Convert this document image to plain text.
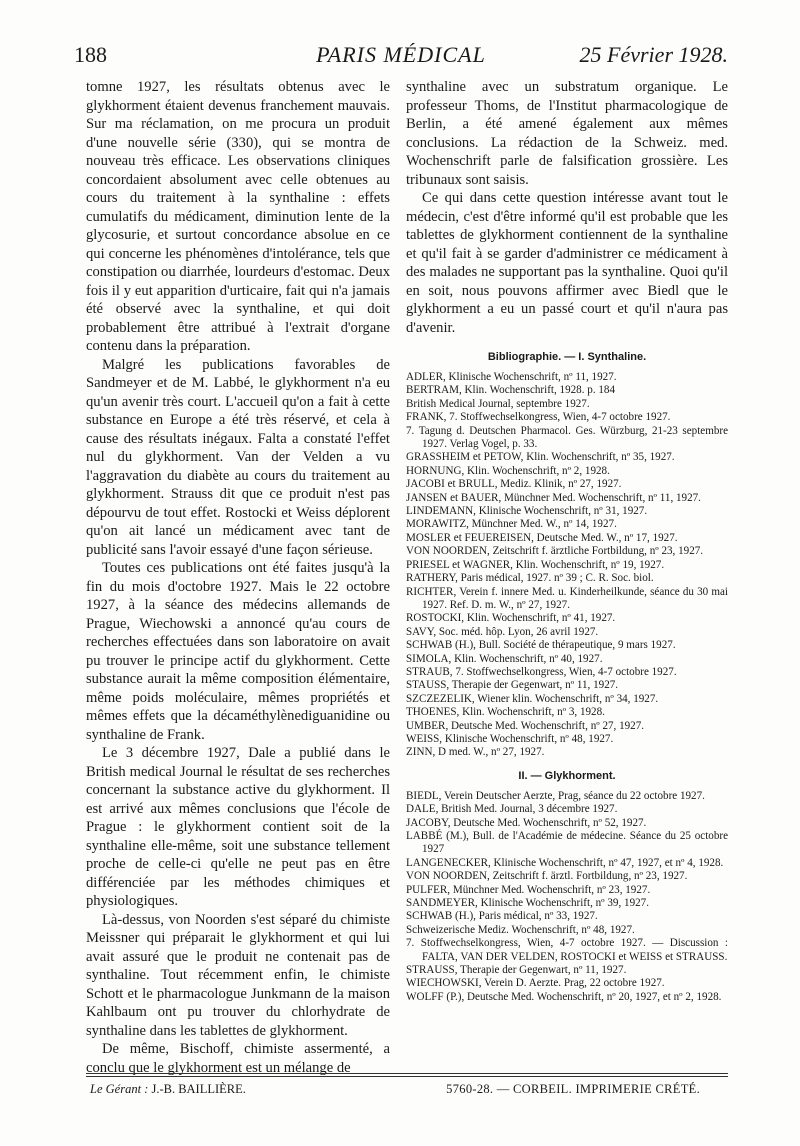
188	PARIS MÉDICAL	25 Février 1928.

tomne 1927, les résultats obtenus avec le glykhorment étaient devenus franchement mauvais. Sur ma réclamation, on me procura un produit d'une nouvelle série (330), qui se montra de nouveau très efficace. Les observations cliniques concordaient absolument avec celle obtenues au cours du traitement à la synthaline : effets cumulatifs du médicament, diminution lente de la glycosurie, et surtout concordance absolue en ce qui concerne les phénomènes d'intolérance, tels que constipation ou diarrhée, lourdeurs d'estomac. Deux fois il y eut apparition d'urticaire, fait qui n'a jamais été observé avec la synthaline, et qui doit probablement être attribué à l'extrait d'organe contenu dans la préparation.

Malgré les publications favorables de Sandmeyer et de M. Labbé, le glykhorment n'a eu qu'un avenir très court. L'accueil qu'on a fait à cette substance en Europe a été très réservé, et cela à cause des résultats inégaux. Falta a constaté l'effet nul du glykhorment. Van der Velden a vu l'aggravation du diabète au cours du traitement au glykhorment. Strauss dit que ce produit n'est pas dépourvu de tout effet. Rostocki et Weiss déplorent qu'on ait lancé un médicament avec tant de publicité sans l'avoir essayé d'une façon sérieuse.

Toutes ces publications ont été faites jusqu'à la fin du mois d'octobre 1927. Mais le 22 octobre 1927, à la séance des médecins allemands de Prague, Wiechowski a annoncé qu'au cours de recherches effectuées dans son laboratoire on avait pu trouver le principe actif du glykhorment. Cette substance aurait la même composition élémentaire, même poids moléculaire, mêmes propriétés et mêmes effets que la décaméthylènediguanidine ou synthaline de Frank.

Le 3 décembre 1927, Dale a publié dans le British medical Journal le résultat de ses recherches concernant la substance active du glykhorment. Il est arrivé aux mêmes conclusions que l'école de Prague : le glykhorment contient soit de la synthaline elle-même, soit une substance tellement proche de celle-ci qu'elle ne peut pas en être différenciée par les méthodes chimiques et physiologiques.

Là-dessus, von Noorden s'est séparé du chimiste Meissner qui préparait le glykhorment et qui lui avait assuré que le produit ne contenait pas de synthaline. Tout récemment enfin, le chimiste Schott et le pharmacologue Junkmann de la maison Kahlbaum ont pu trouver du chlorhydrate de synthaline dans les tablettes de glykhorment.

De même, Bischoff, chimiste assermenté, a conclu que le glykhorment est un mélange de

synthaline avec un substratum organique. Le professeur Thoms, de l'Institut pharmacologique de Berlin, a été amené également aux mêmes conclusions. La rédaction de la Schweiz. med. Wochenschrift parle de falsification grossière. Les tribunaux sont saisis.

Ce qui dans cette question intéresse avant tout le médecin, c'est d'être informé qu'il est probable que les tablettes de glykhorment contiennent de la synthaline et qu'il fait à se garder d'administrer ce médicament à des malades ne supportant pas la synthaline. Quoi qu'il en soit, nous pouvons affirmer avec Biedl que le glykhorment a eu un passé court et qu'il n'aura pas d'avenir.

Bibliographie. — I. Synthaline.
ADLER, Klinische Wochenschrift, nº 11, 1927.
BERTRAM, Klin. Wochenschrift, 1928. p. 184
British Medical Journal, septembre 1927.
FRANK, 7. Stoffwechselkongress, Wien, 4-7 octobre 1927.
7. Tagung d. Deutschen Pharmacol. Ges. Würzburg, 21-23 septembre 1927. Verlag Vogel, p. 33.
GRASSHEIM et PETOW, Klin. Wochenschrift, nº 35, 1927.
HORNUNG, Klin. Wochenschrift, nº 2, 1928.
JACOBI et BRULL, Mediz. Klinik, nº 27, 1927.
JANSEN et BAUER, Münchner Med. Wochenschrift, nº 11, 1927.
LINDEMANN, Klinische Wochenschrift, nº 31, 1927.
MORAWITZ, Münchner Med. W., nº 14, 1927.
MOSLER et FEUEREISEN, Deutsche Med. W., nº 17, 1927.
VON NOORDEN, Zeitschrift f. ärztliche Fortbildung, nº 23, 1927.
PRIESEL et WAGNER, Klin. Wochenschrift, nº 19, 1927.
RATHERY, Paris médical, 1927. nº 39 ; C. R. Soc. biol.
RICHTER, Verein f. innere Med. u. Kinderheilkunde, séance du 30 mai 1927. Ref. D. m. W., nº 27, 1927.
ROSTOCKI, Klin. Wochenschrift, nº 41, 1927.
SAVY, Soc. méd. hôp. Lyon, 26 avril 1927.
SCHWAB (H.), Bull. Société de thérapeutique, 9 mars 1927.
SIMOLA, Klin. Wochenschrift, nº 40, 1927.
STRAUB, 7. Stoffwechselkongress, Wien, 4-7 octobre 1927.
STAUSS, Therapie der Gegenwart, nº 11, 1927.
SZCZEZELIK, Wiener klin. Wochenschrift, nº 34, 1927.
THOENES, Klin. Wochenschrift, nº 3, 1928.
UMBER, Deutsche Med. Wochenschrift, nº 27, 1927.
WEISS, Klinische Wochenschrift, nº 48, 1927.
ZINN, D med. W., nº 27, 1927.
II. — Glykhorment.
BIEDL, Verein Deutscher Aerzte, Prag, séance du 22 octobre 1927.
DALE, British Med. Journal, 3 décembre 1927.
JACOBY, Deutsche Med. Wochenschrift, nº 52, 1927.
LABBÉ (M.), Bull. de l'Académie de médecine. Séance du 25 octobre 1927
LANGENECKER, Klinische Wochenschrift, nº 47, 1927, et nº 4, 1928.
VON NOORDEN, Zeitschrift f. ärztl. Fortbildung, nº 23, 1927.
PULFER, Münchner Med. Wochenschrift, nº 23, 1927.
SANDMEYER, Klinische Wochenschrift, nº 39, 1927.
SCHWAB (H.), Paris médical, nº 33, 1927.
Schweizerische Mediz. Wochenschrift, nº 48, 1927.
7. Stoffwechselkongress, Wien, 4-7 octobre 1927. — Discussion : FALTA, VAN DER VELDEN, ROSTOCKI et WEISS et STRAUSS.
STRAUSS, Therapie der Gegenwart, nº 11, 1927.
WIECHOWSKI, Verein D. Aerzte. Prag, 22 octobre 1927.
WOLFF (P.), Deutsche Med. Wochenschrift, nº 20, 1927, et nº 2, 1928.
Le Gérant : J.-B. BAILLIÈRE.	5760-28. — CORBEIL. IMPRIMERIE CRÉTÉ.
